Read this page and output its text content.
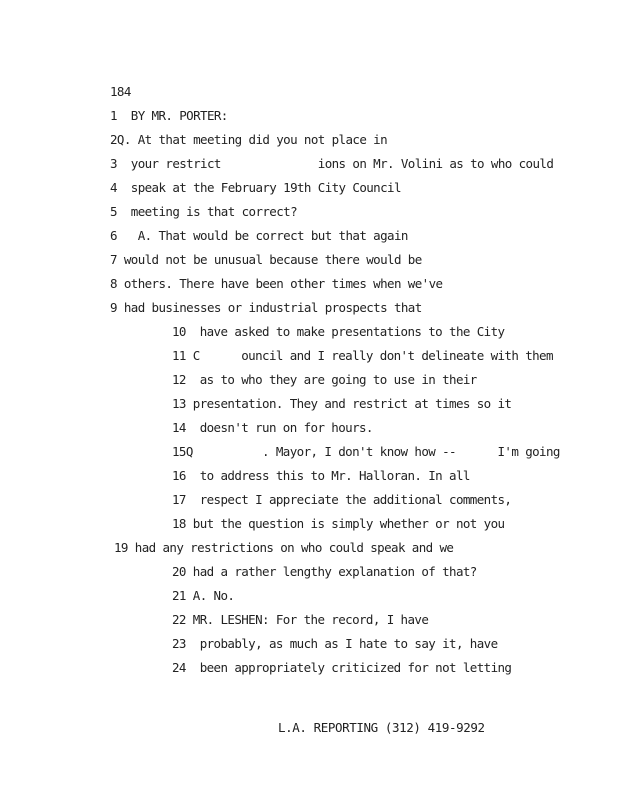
184
1  BY MR. PORTER:
2Q. At that meeting did you not place in
3  your restrict              ions on Mr. Volini as to who could
4  speak at the February 19th City Council
5  meeting is that correct?
6   A. That would be correct but that again
7 would not be unusual because there would be
8 others. There have been other times when we've
9 had businesses or industrial prospects that
10  have asked to make presentations to the City
11 C      ouncil and I really don't delineate with them
12  as to who they are going to use in their
13 presentation. They and restrict at times so it
14  doesn't run on for hours.
15Q          . Mayor, I don't know how --      I'm going
16  to address this to Mr. Halloran. In all
17  respect I appreciate the additional comments,
18 but the question is simply whether or not you
19 had any restrictions on who could speak and we
20 had a rather lengthy explanation of that?
21 A. No.
22 MR. LESHEN: For the record, I have
23  probably, as much as I hate to say it, have
24  been appropriately criticized for not letting
L.A. REPORTING (312) 419-9292
